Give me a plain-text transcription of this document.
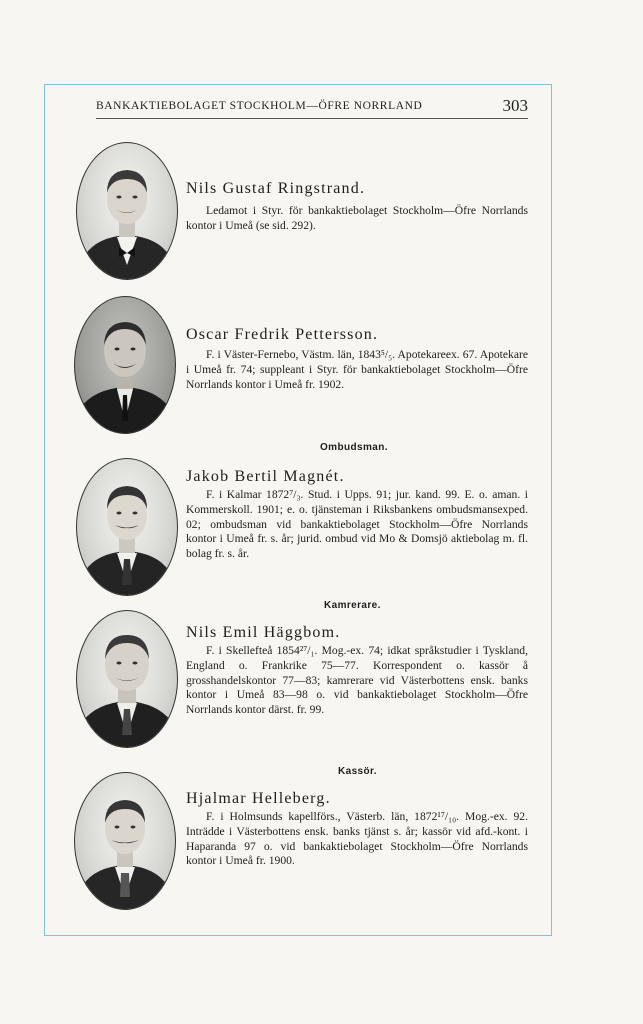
BANKAKTIEBOLAGET STOCKHOLM—ÖFRE NORRLAND	303
Nils Gustaf Ringstrand.
Ledamot i Styr. för bankaktiebolaget Stockholm—Öfre Norrlands kontor i Umeå (se sid. 292).
Oscar Fredrik Pettersson.
F. i Väster-Fernebo, Västm. län, 1843⁵/₅. Apotekareex. 67. Apotekare i Umeå fr. 74; suppleant i Styr. för bankaktiebolaget Stockholm—Öfre Norrlands kontor i Umeå fr. 1902.
Ombudsman.
Jakob Bertil Magnét.
F. i Kalmar 1872⁷/₃. Stud. i Upps. 91; jur. kand. 99. E. o. aman. i Kommerskoll. 1901; e. o. tjänsteman i Riksbankens ombudsmansexped. 02; ombudsman vid bankaktiebolaget Stockholm—Öfre Norrlands kontor i Umeå fr. s. år; jurid. ombud vid Mo & Domsjö aktiebolag m. fl. bolag fr. s. år.
Kamrerare.
Nils Emil Häggbom.
F. i Skellefteå 1854²⁷/₁. Mog.-ex. 74; idkat språkstudier i Tyskland, England o. Frankrike 75—77. Korrespondent o. kassör å grosshandelskontor 77—83; kamrerare vid Västerbottens ensk. banks kontor i Umeå 83—98 o. vid bankaktiebolaget Stockholm—Öfre Norrlands kontor därst. fr. 99.
Kassör.
Hjalmar Helleberg.
F. i Holmsunds kapellförs., Västerb. län, 1872¹⁷/₁₀. Mog.-ex. 92. Inträdde i Västerbottens ensk. banks tjänst s. år; kassör vid afd.-kont. i Haparanda 97 o. vid bankaktiebolaget Stockholm—Öfre Norrlands kontor i Umeå fr. 1900.
